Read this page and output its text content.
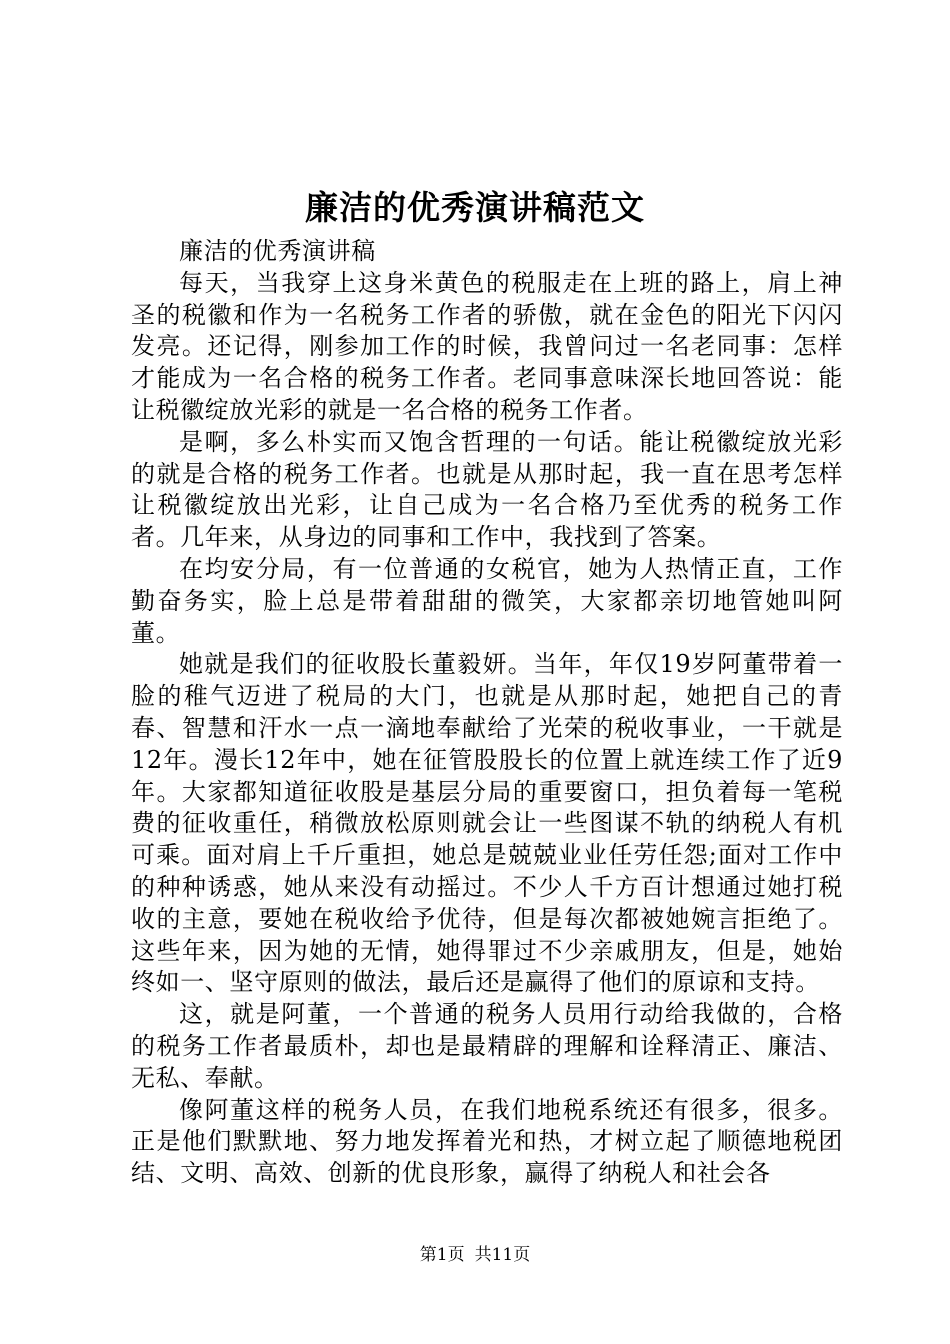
廉洁的优秀演讲稿范文

廉洁的优秀演讲稿

每天，当我穿上这身米黄色的税服走在上班的路上，肩上神圣的税徽和作为一名税务工作者的骄傲，就在金色的阳光下闪闪发亮。还记得，刚参加工作的时候，我曾问过一名老同事：怎样才能成为一名合格的税务工作者。老同事意味深长地回答说：能让税徽绽放光彩的就是一名合格的税务工作者。

是啊，多么朴实而又饱含哲理的一句话。能让税徽绽放光彩的就是合格的税务工作者。也就是从那时起，我一直在思考怎样让税徽绽放出光彩，让自己成为一名合格乃至优秀的税务工作者。几年来，从身边的同事和工作中，我找到了答案。

在均安分局，有一位普通的女税官，她为人热情正直，工作勤奋务实，脸上总是带着甜甜的微笑，大家都亲切地管她叫阿董。

她就是我们的征收股长董毅妍。当年，年仅19岁阿董带着一脸的稚气迈进了税局的大门，也就是从那时起，她把自己的青春、智慧和汗水一点一滴地奉献给了光荣的税收事业，一干就是12年。漫长12年中，她在征管股股长的位置上就连续工作了近9年。大家都知道征收股是基层分局的重要窗口，担负着每一笔税费的征收重任，稍微放松原则就会让一些图谋不轨的纳税人有机可乘。面对肩上千斤重担，她总是兢兢业业任劳任怨;面对工作中的种种诱惑，她从来没有动摇过。不少人千方百计想通过她打税收的主意，要她在税收给予优待，但是每次都被她婉言拒绝了。这些年来，因为她的无情，她得罪过不少亲戚朋友，但是，她始终如一、坚守原则的做法，最后还是赢得了他们的原谅和支持。

这，就是阿董，一个普通的税务人员用行动给我做的，合格的税务工作者最质朴，却也是最精辟的理解和诠释清正、廉洁、无私、奉献。

像阿董这样的税务人员，在我们地税系统还有很多，很多。正是他们默默地、努力地发挥着光和热，才树立起了顺德地税团结、文明、高效、创新的优良形象，赢得了纳税人和社会各

第1页 共11页
